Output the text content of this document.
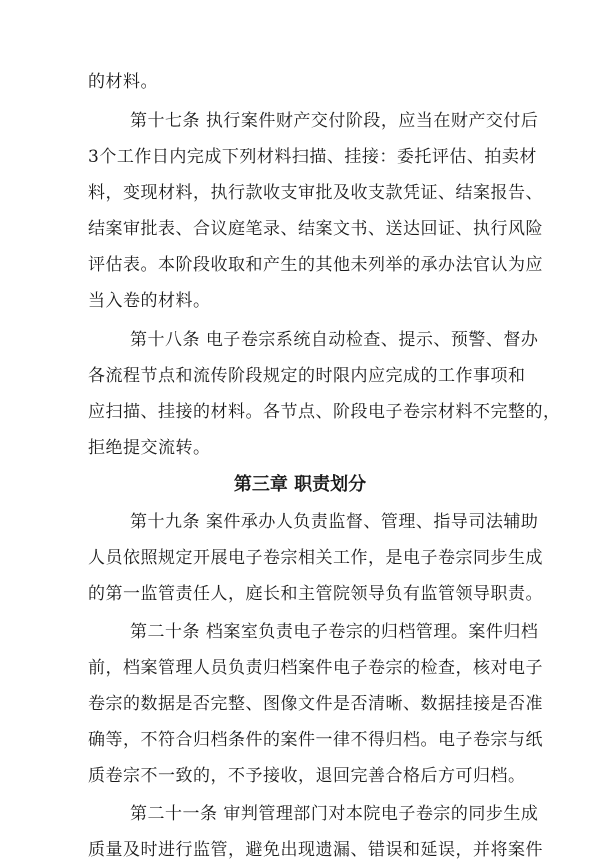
的材料。
第十七条 执行案件财产交付阶段，应当在财产交付后
3个工作日内完成下列材料扫描、挂接：委托评估、拍卖材
料，变现材料，执行款收支审批及收支款凭证、结案报告、
结案审批表、合议庭笔录、结案文书、送达回证、执行风险
评估表。本阶段收取和产生的其他未列举的承办法官认为应
当入卷的材料。
第十八条 电子卷宗系统自动检查、提示、预警、督办
各流程节点和流传阶段规定的时限内应完成的工作事项和
应扫描、挂接的材料。各节点、阶段电子卷宗材料不完整的，
拒绝提交流转。
第三章 职责划分
第十九条 案件承办人负责监督、管理、指导司法辅助
人员依照规定开展电子卷宗相关工作，是电子卷宗同步生成
的第一监管责任人，庭长和主管院领导负有监管领导职责。
第二十条 档案室负责电子卷宗的归档管理。案件归档
前，档案管理人员负责归档案件电子卷宗的检查，核对电子
卷宗的数据是否完整、图像文件是否清晰、数据挂接是否准
确等，不符合归档条件的案件一律不得归档。电子卷宗与纸
质卷宗不一致的，不予接收，退回完善合格后方可归档。
第二十一条 审判管理部门对本院电子卷宗的同步生成
质量及时进行监管，避免出现遗漏、错误和延误，并将案件
